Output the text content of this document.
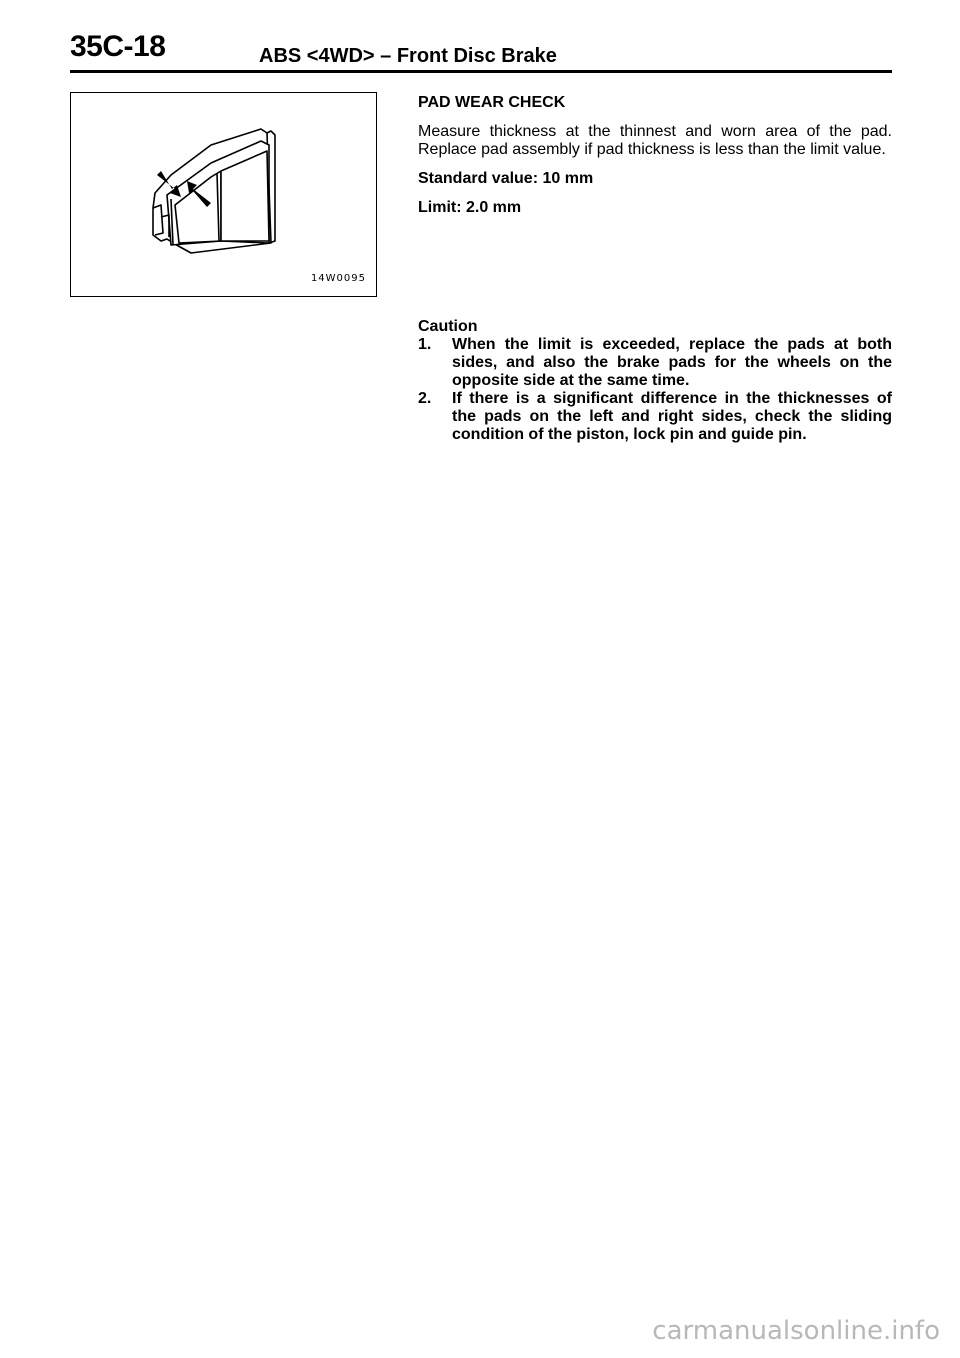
35C-18	ABS <4WD> – Front Disc Brake
14W0095
PAD WEAR CHECK
Measure thickness at the thinnest and worn area of the pad. Replace pad assembly if pad thickness is less than the limit value.
Standard value: 10 mm
Limit: 2.0 mm
Caution
1.	When the limit is exceeded, replace the pads at both sides, and also the brake pads for the wheels on the opposite side at the same time.
2.	If there is a significant difference in the thicknesses of the pads on the left and right sides, check the sliding condition of the piston, lock pin and guide pin.
carmanualsonline.info
